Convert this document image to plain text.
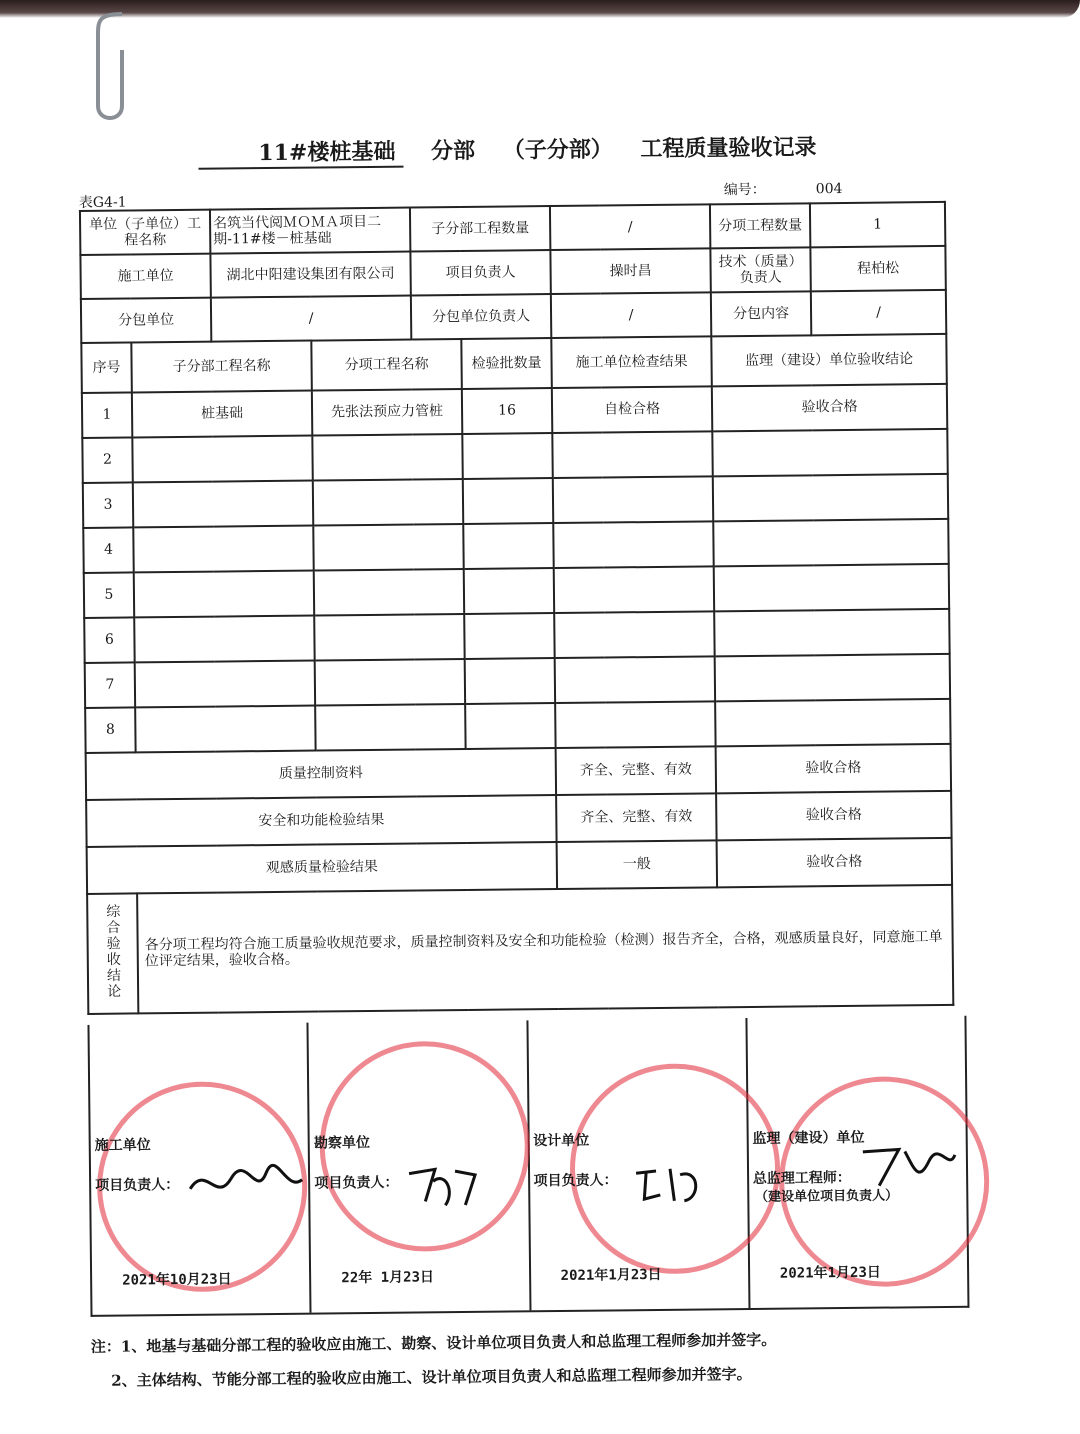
11#楼桩基础 分部 （子分部） 工程质量验收记录
表G4-1
编号：	004
单位（子单位）工程名称		名筑当代阅ＭＯＭＡ项目二期-11#楼－桩基础		子分部工程数量		/	分项工程数量	1
施工单位		湖北中阳建设集团有限公司		项目负责人		操时昌	技术（质量）负责人	程柏松
分包单位		/		分包单位负责人		/	分包内容	/
序号	子分部工程名称		分项工程名称		检验批数量	施工单位检查结果	监理（建设）单位验收结论	
1	桩基础		先张法预应力管桩		16	自检合格	验收合格	
2								
3								
4								
5								
6								
7								
8								
质量控制资料						齐全、完整、有效	验收合格	
安全和功能检验结果						齐全、完整、有效	验收合格	
观感质量检验结果						一般	验收合格	
综合验收结论	各分项工程均符合施工质量验收规范要求，质量控制资料及安全和功能检验（检测）报告齐全，合格，观感质量良好，同意施工单位评定结果，验收合格。							
施工单位
项目负责人：
2021年10月23日
勘察单位
项目负责人：
22年 1月23日
设计单位
项目负责人：
2021年1月23日
监理（建设）单位
总监理工程师：
（建设单位项目负责人）
2021年1月23日
注：1、地基与基础分部工程的验收应由施工、勘察、设计单位项目负责人和总监理工程师参加并签字。
2、主体结构、节能分部工程的验收应由施工、设计单位项目负责人和总监理工程师参加并签字。
